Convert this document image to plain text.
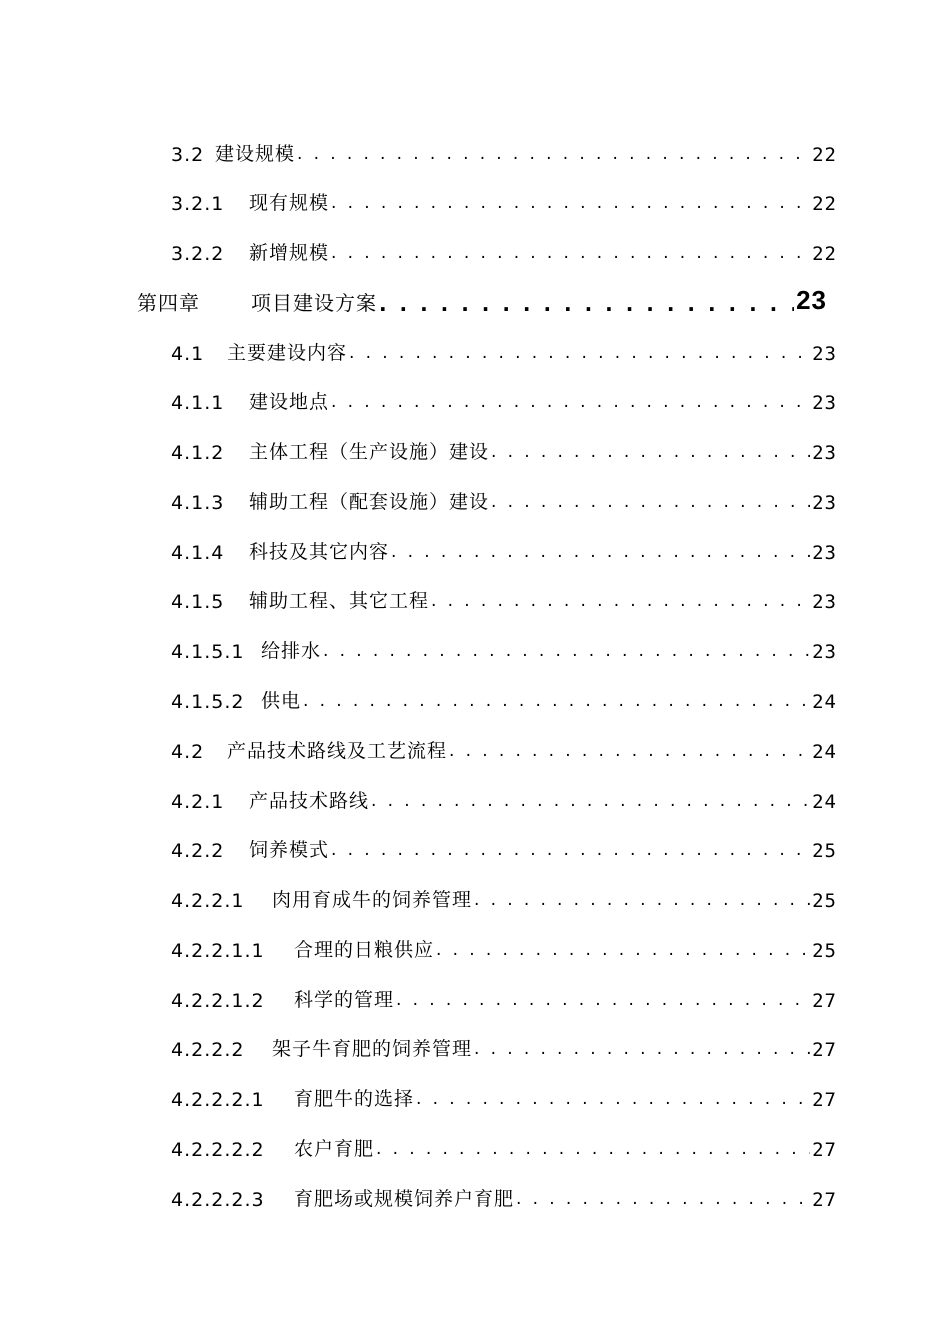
3.2 建设规模 . . .	22
3.2.1	现有规模 . . .	22
3.2.2	新增规模 . . .	22
第四章	项目建设方案 . . .	23
4.1	主要建设内容 . . .	23
4.1.1	建设地点 . . .	23
4.1.2	主体工程（生产设施）建设 . . .	23
4.1.3	辅助工程（配套设施）建设 . . .	23
4.1.4	科技及其它内容 . . .	23
4.1.5	辅助工程、其它工程 . . .	23
4.1.5.1 给排水 . . .	23
4.1.5.2 供电 . . .	24
4.2	产品技术路线及工艺流程 . . .	24
4.2.1	产品技术路线 . . .	24
4.2.2	饲养模式 . . .	25
4.2.2.1	肉用育成牛的饲养管理 . . .	25
4.2.2.1.1	合理的日粮供应 . . .	25
4.2.2.1.2	科学的管理 . . .	27
4.2.2.2	架子牛育肥的饲养管理 . . .	27
4.2.2.2.1	育肥牛的选择 . . .	27
4.2.2.2.2	农户育肥 . . .	27
4.2.2.2.3	育肥场或规模饲养户育肥 . . .	27
